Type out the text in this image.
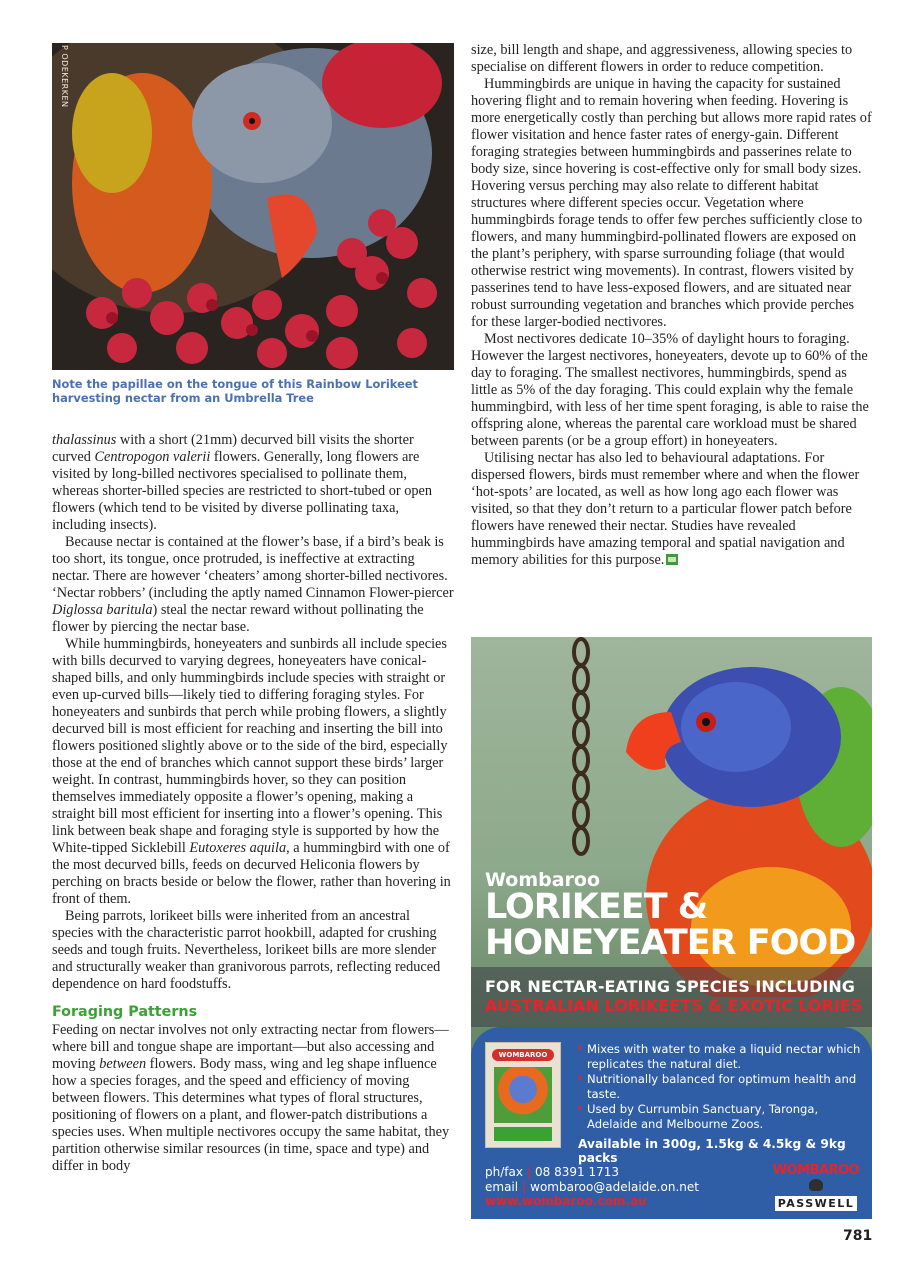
P ODEKERKEN
Note the papillae on the tongue of this Rainbow Lorikeet harvesting nectar from an Umbrella Tree

thalassinus with a short (21mm) decurved bill visits the shorter curved Centropogon valerii flowers. Generally, long flowers are visited by long-billed nectivores specialised to pollinate them, whereas shorter-billed species are restricted to short-tubed or open flowers (which tend to be visited by diverse pollinating taxa, including insects).

Because nectar is contained at the flower’s base, if a bird’s beak is too short, its tongue, once protruded, is ineffective at extracting nectar. There are however ‘cheaters’ among shorter-billed nectivores. ‘Nectar robbers’ (including the aptly named Cinnamon Flower-piercer Diglossa baritula) steal the nectar reward without pollinating the flower by piercing the nectar base.

While hummingbirds, honeyeaters and sunbirds all include species with bills decurved to varying degrees, honeyeaters have conical-shaped bills, and only hummingbirds include species with straight or even up-curved bills—likely tied to differing foraging styles. For honeyeaters and sunbirds that perch while probing flowers, a slightly decurved bill is most efficient for reaching and inserting the bill into flowers positioned slightly above or to the side of the bird, especially those at the end of branches which cannot support these birds’ larger weight. In contrast, hummingbirds hover, so they can position themselves immediately opposite a flower’s opening, making a straight bill most efficient for inserting into a flower’s opening. This link between beak shape and foraging style is supported by how the White-tipped Sicklebill Eutoxeres aquila, a hummingbird with one of the most decurved bills, feeds on decurved Heliconia flowers by perching on bracts beside or below the flower, rather than hovering in front of them.

Being parrots, lorikeet bills were inherited from an ancestral species with the characteristic parrot hookbill, adapted for crushing seeds and tough fruits. Nevertheless, lorikeet bills are more slender and structurally weaker than granivorous parrots, reflecting reduced dependence on hard foodstuffs.

Foraging Patterns

Feeding on nectar involves not only extracting nectar from flowers—where bill and tongue shape are important—but also accessing and moving between flowers. Body mass, wing and leg shape influence how a species forages, and the speed and efficiency of moving between flowers. This determines what types of floral structures, positioning of flowers on a plant, and flower-patch distributions a species uses. When multiple nectivores occupy the same habitat, they partition otherwise similar resources (in time, space and type) and differ in body

size, bill length and shape, and aggressiveness, allowing species to specialise on different flowers in order to reduce competition.

Hummingbirds are unique in having the capacity for sustained hovering flight and to remain hovering when feeding. Hovering is more energetically costly than perching but allows more rapid rates of flower visitation and hence faster rates of energy-gain. Different foraging strategies between hummingbirds and passerines relate to body size, since hovering is cost-effective only for small body sizes. Hovering versus perching may also relate to different habitat structures where different species occur. Vegetation where hummingbirds forage tends to offer few perches sufficiently close to flowers, and many hummingbird-pollinated flowers are exposed on the plant’s periphery, with sparse surrounding foliage (that would otherwise restrict wing movements). In contrast, flowers visited by passerines tend to have less-exposed flowers, and are situated near robust surrounding vegetation and branches which provide perches for these larger-bodied nectivores.

Most nectivores dedicate 10–35% of daylight hours to foraging. However the largest nectivores, honeyeaters, devote up to 60% of the day to foraging. The smallest nectivores, hummingbirds, spend as little as 5% of the day foraging. This could explain why the female hummingbird, with less of her time spent foraging, is able to raise the offspring alone, whereas the parental care workload must be shared between parents (or be a group effort) in honeyeaters.

Utilising nectar has also led to behavioural adaptations. For dispersed flowers, birds must remember where and when the flower ‘hot-spots’ are located, as well as how long ago each flower was visited, so that they don’t return to a particular flower patch before flowers have renewed their nectar. Studies have revealed hummingbirds have amazing temporal and spatial navigation and memory abilities for this purpose.

Wombaroo
LORIKEET &
HONEYEATER FOOD
FOR NECTAR-EATING SPECIES INCLUDING
AUSTRALIAN LORIKEETS & EXOTIC LORIES
WOMBAROO
›	Mixes with water to make a liquid nectar which replicates the natural diet.
› Nutritionally balanced for optimum health and taste.
› Used by Currumbin Sanctuary, Taronga, Adelaide and Melbourne Zoos.
Available in 300g, 1.5kg & 4.5kg & 9kg packs
ph/fax | 08 8391 1713
email | wombaroo@adelaide.on.net
www.wombaroo.com.au
WOMBAROO
PASSWELL
781
